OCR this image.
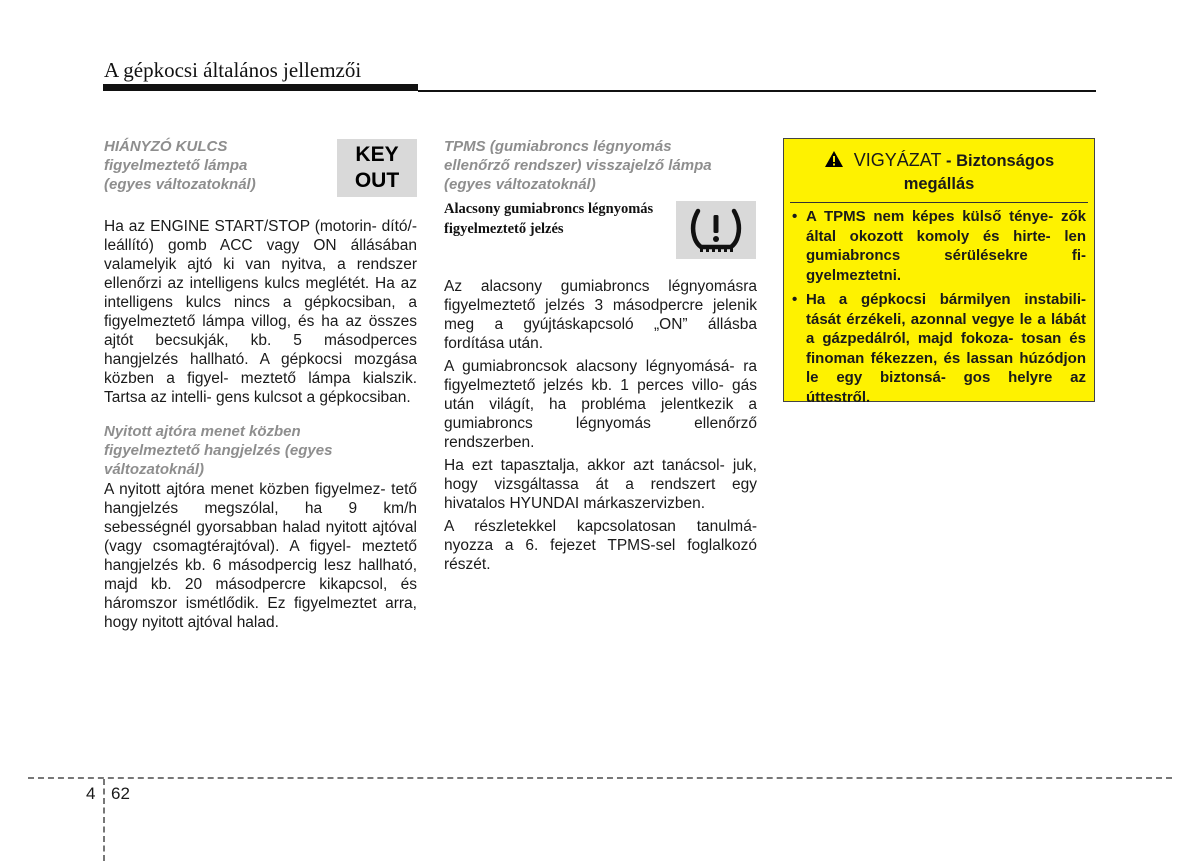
A gépkocsi általános jellemzői

HIÁNYZÓ KULCS
figyelmeztető lámpa
(egyes változatoknál)

KEY
OUT

Ha az ENGINE START/STOP (motorin- dító/-leállító) gomb ACC vagy ON állásában valamelyik ajtó ki van nyitva, a rendszer ellenőrzi az intelligens kulcs meglétét. Ha az intelligens kulcs nincs a gépkocsiban, a figyelmeztető lámpa villog, és ha az összes ajtót becsukják, kb. 5 másodperces hangjelzés hallható. A gépkocsi mozgása közben a figyel- meztető lámpa kialszik. Tartsa az intelli- gens kulcsot a gépkocsiban.

Nyitott ajtóra menet közben
figyelmeztető hangjelzés (egyes
változatoknál)

A nyitott ajtóra menet közben figyelmez- tető hangjelzés megszólal, ha 9 km/h sebességnél gyorsabban halad nyitott ajtóval (vagy csomagtérajtóval). A figyel- meztető hangjelzés kb. 6 másodpercig lesz hallható, majd kb. 20 másodpercre kikapcsol, és háromszor ismétlődik. Ez figyelmeztet arra, hogy nyitott ajtóval halad.

TPMS (gumiabroncs légnyomás
ellenőrző rendszer) visszajelző lámpa
(egyes változatoknál)

Alacsony gumiabroncs légnyomás
figyelmeztető jelzés

Az alacsony gumiabroncs légnyomásra figyelmeztető jelzés 3 másodpercre jelenik meg a gyújtáskapcsoló „ON” állásba fordítása után.

A gumiabroncsok alacsony légnyomásá- ra figyelmeztető jelzés kb. 1 perces villo- gás után világít, ha probléma jelentkezik a gumiabroncs légnyomás ellenőrző rendszerben.

Ha ezt tapasztalja, akkor azt tanácsol- juk, hogy vizsgáltassa át a rendszert egy hivatalos HYUNDAI márkaszervizben.

A részletekkel kapcsolatosan tanulmá- nyozza a 6. fejezet TPMS-sel foglalkozó részét.

VIGYÁZAT - Biztonságos megállás
• A TPMS nem képes külső ténye- zők által okozott komoly és hirte- len gumiabroncs sérülésekre fi- gyelmeztetni.
• Ha a gépkocsi bármilyen instabili- tását érzékeli, azonnal vegye le a lábát a gázpedálról, majd fokoza- tosan és finoman fékezzen, és lassan húzódjon le egy biztonsá- gos helyre az úttestről.
4 62
